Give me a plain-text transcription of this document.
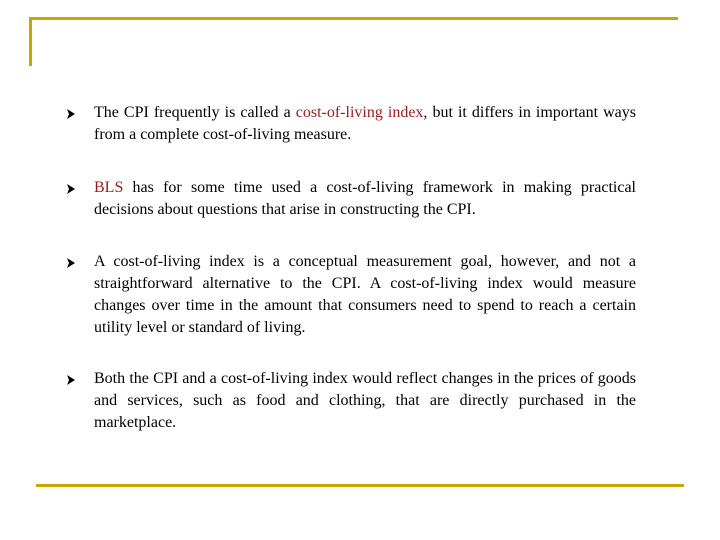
The CPI frequently is called a cost-of-living index, but it differs in important ways from a complete cost-of-living measure.
BLS has for some time used a cost-of-living framework in making practical decisions about questions that arise in constructing the CPI.
A cost-of-living index is a conceptual measurement goal, however, and not a straightforward alternative to the CPI. A cost-of-living index would measure changes over time in the amount that consumers need to spend to reach a certain utility level or standard of living.
Both the CPI and a cost-of-living index would reflect changes in the prices of goods and services, such as food and clothing, that are directly purchased in the marketplace.
